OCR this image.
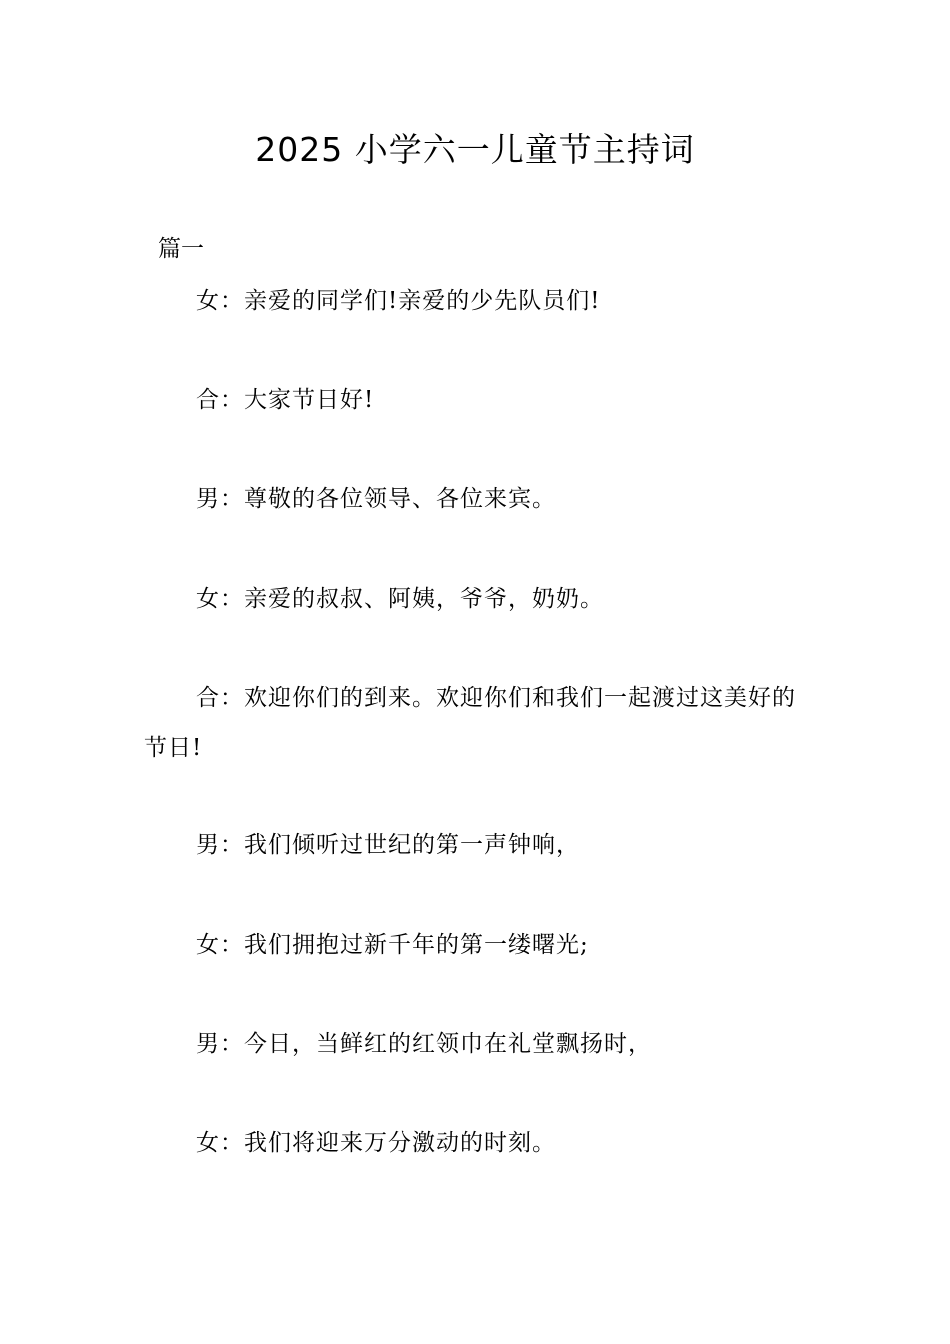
2025 小学六一儿童节主持词
篇一

女：亲爱的同学们!亲爱的少先队员们!

合：大家节日好!

男：尊敬的各位领导、各位来宾。

女：亲爱的叔叔、阿姨，爷爷，奶奶。

合：欢迎你们的到来。欢迎你们和我们一起渡过这美好的节日!

男：我们倾听过世纪的第一声钟响，

女：我们拥抱过新千年的第一缕曙光;

男：今日，当鲜红的红领巾在礼堂飘扬时，

女：我们将迎来万分激动的时刻。
